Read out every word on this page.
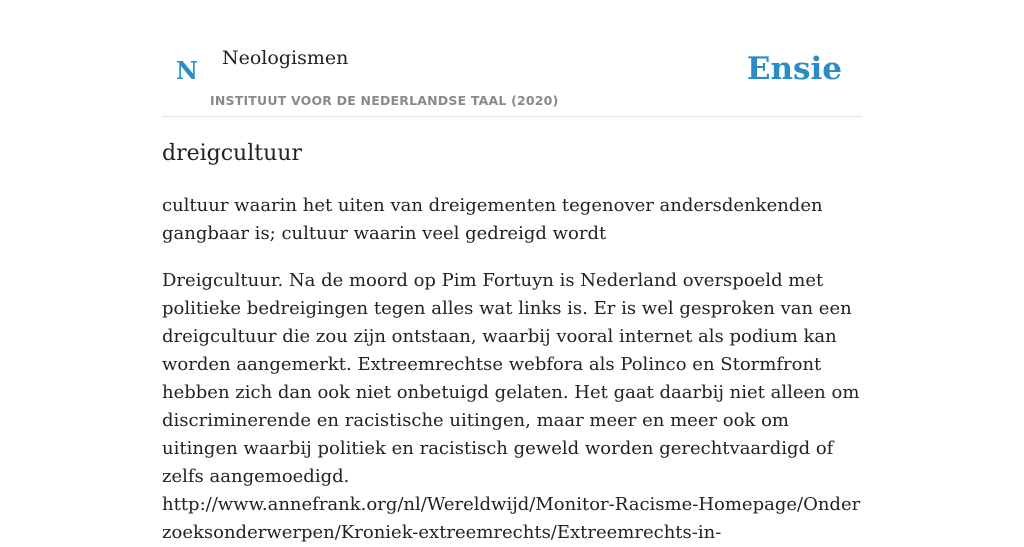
N Neologismen
INSTITUUT VOOR DE NEDERLANDSE TAAL (2020)
Ensie
dreigcultuur

cultuur waarin het uiten van dreigementen tegenover andersdenkenden gangbaar is; cultuur waarin veel gedreigd wordt

Dreigcultuur. Na de moord op Pim Fortuyn is Nederland overspoeld met politieke bedreigingen tegen alles wat links is. Er is wel gesproken van een dreigcultuur die zou zijn ontstaan, waarbij vooral internet als podium kan worden aangemerkt. Extreemrechtse webfora als Polinco en Stormfront hebben zich dan ook niet onbetuigd gelaten. Het gaat daarbij niet alleen om discriminerende en racistische uitingen, maar meer en meer ook om uitingen waarbij politiek en racistisch geweld worden gerechtvaardigd of zelfs aangemoedigd.
http://www.annefrank.org/nl/Wereldwijd/Monitor-Racisme-Homepage/Onderzoeksonderwerpen/Kroniek-extreemrechts/Extreemrechts-in-
